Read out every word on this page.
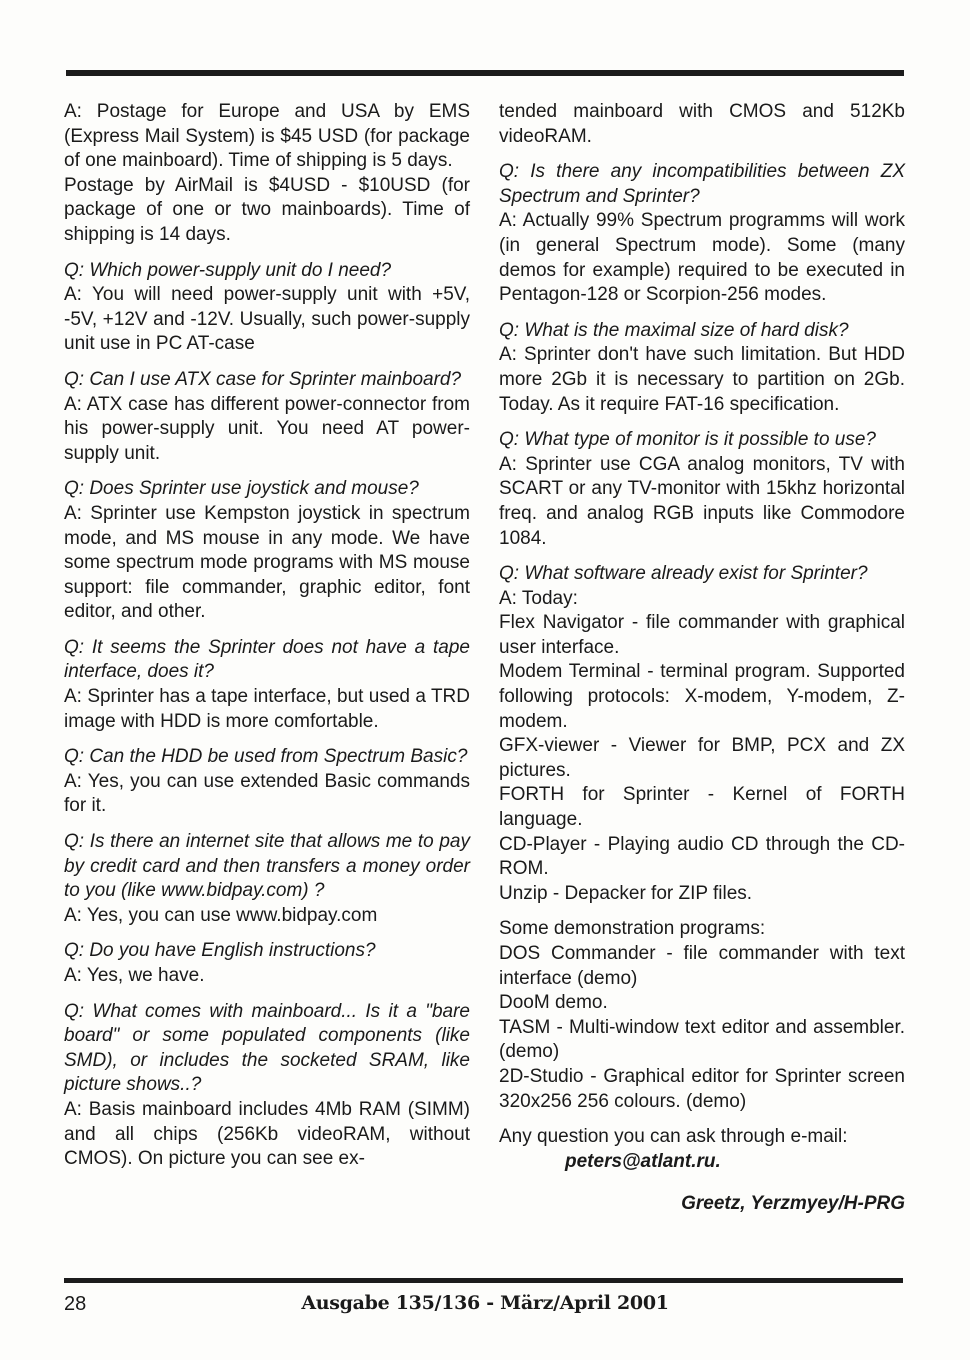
A: Postage for Europe and USA by EMS (Express Mail System) is $45 USD (for package of one mainboard). Time of shipping is 5 days.

Postage by AirMail is $4USD - $10USD (for package of one or two mainboards). Time of shipping is 14 days.

Q: Which power-supply unit do I need?

A: You will need power-supply unit with +5V, -5V, +12V and -12V. Usually, such power-supply unit use in PC AT-case

Q: Can I use ATX case for Sprinter mainboard?

A: ATX case has different power-connector from his power-supply unit. You need AT power-supply unit.

Q: Does Sprinter use joystick and mouse?

A: Sprinter use Kempston joystick in spectrum mode, and MS mouse in any mode. We have some spectrum mode programs with MS mouse support: file commander, graphic editor, font editor, and other.

Q: It seems the Sprinter does not have a tape interface, does it?

A: Sprinter has a tape interface, but used a TRD image with HDD is more comfortable.

Q: Can the HDD be used from Spectrum Basic?

A: Yes, you can use extended Basic commands for it.

Q: Is there an internet site that allows me to pay by credit card and then transfers a money order to you (like www.bidpay.com) ?

A: Yes, you can use www.bidpay.com

Q: Do you have English instructions?

A: Yes, we have.

Q: What comes with mainboard... Is it a "bare board" or some populated components (like SMD), or includes the socketed SRAM, like picture shows..?

A: Basis mainboard includes 4Mb RAM (SIMM) and all chips (256Kb videoRAM, without CMOS). On picture you can see ex-

tended mainboard with CMOS and 512Kb videoRAM.

Q: Is there any incompatibilities between ZX Spectrum and Sprinter?

A: Actually 99% Spectrum programms will work (in general Spectrum mode). Some (many demos for example) required to be executed in Pentagon-128 or Scorpion-256 modes.

Q: What is the maximal size of hard disk?

A: Sprinter don't have such limitation. But HDD more 2Gb it is necessary to partition on 2Gb. Today. As it require FAT-16 specification.

Q: What type of monitor is it possible to use?

A: Sprinter use CGA analog monitors, TV with SCART or any TV-monitor with 15khz horizontal freq. and analog RGB inputs like Commodore 1084.

Q: What software already exist for Sprinter?

A: Today:

Flex Navigator - file commander with graphical user interface.

Modem Terminal - terminal program. Supported following protocols: X-modem, Y-modem, Z-modem.

GFX-viewer - Viewer for BMP, PCX and ZX pictures.

FORTH for Sprinter - Kernel of FORTH language.

CD-Player - Playing audio CD through the CD-ROM.

Unzip - Depacker for ZIP files.

Some demonstration programs:

DOS Commander - file commander with text interface (demo)

DooM demo.

TASM - Multi-window text editor and assembler. (demo)

2D-Studio - Graphical editor for Sprinter screen 320x256 256 colours. (demo)

Any question you can ask through e-mail:

peters@atlant.ru.

Greetz, Yerzmyey/H-PRG

28	Ausgabe 135/136 - März/April 2001
